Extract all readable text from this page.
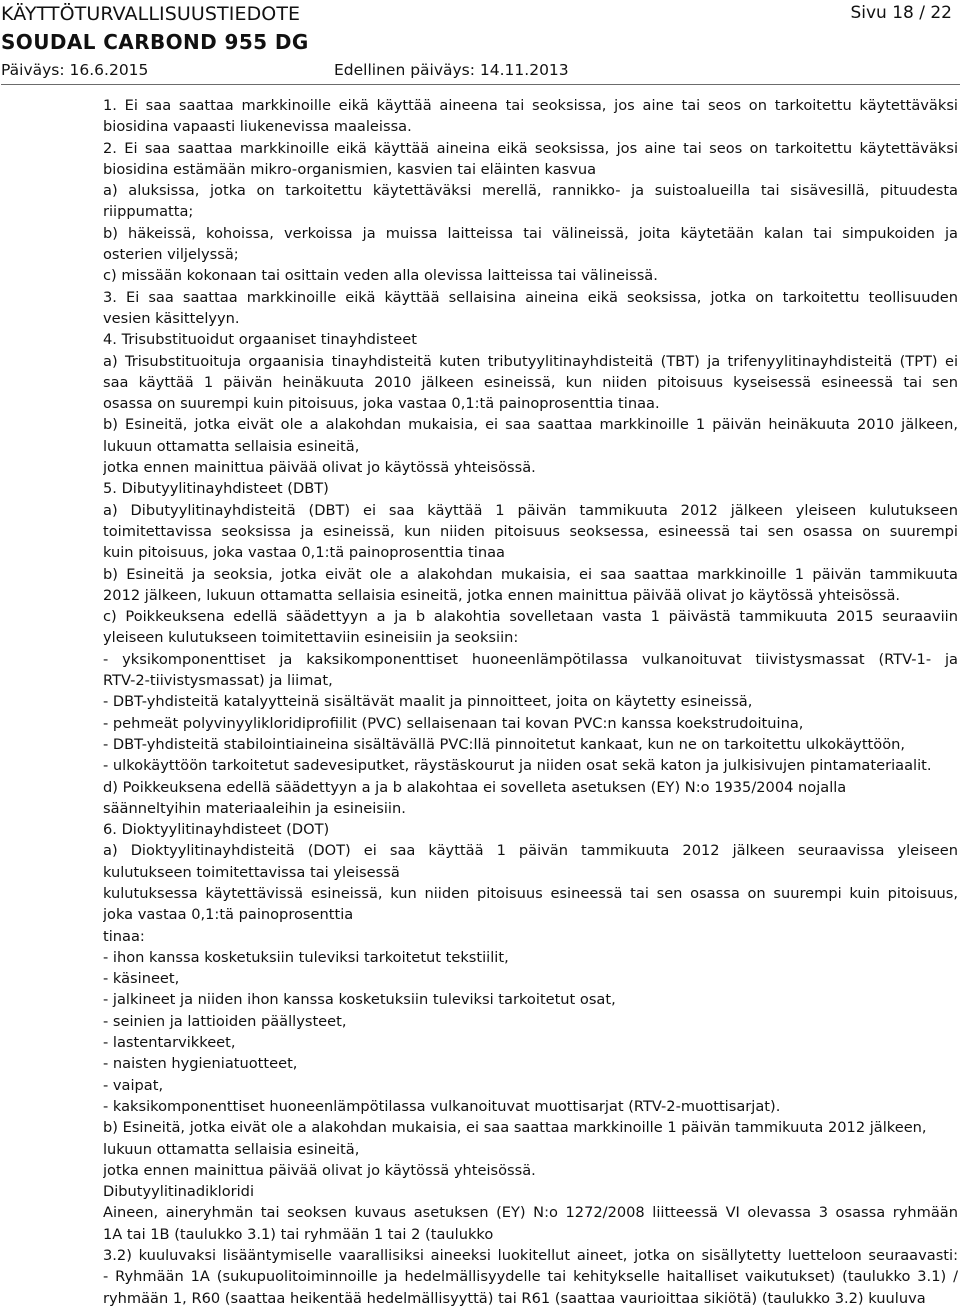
KÄYTTÖTURVALLISUUSTIEDOTE	Sivu 18 / 22
SOUDAL CARBOND 955 DG
Päiväys: 16.6.2015	Edellinen päiväys: 14.11.2013
1. Ei saa saattaa markkinoille eikä käyttää aineena tai seoksissa, jos aine tai seos on tarkoitettu käytettäväksi
biosidina vapaasti liukenevissa maaleissa.
2. Ei saa saattaa markkinoille eikä käyttää aineina eikä seoksissa, jos aine tai seos on tarkoitettu käytettäväksi
biosidina estämään mikro-organismien, kasvien tai eläinten kasvua
a) aluksissa, jotka on tarkoitettu käytettäväksi merellä, rannikko- ja suistoalueilla tai sisävesillä, pituudesta
riippumatta;
b) häkeissä, kohoissa, verkoissa ja muissa laitteissa tai välineissä, joita käytetään kalan tai simpukoiden ja
osterien viljelyssä;
c) missään kokonaan tai osittain veden alla olevissa laitteissa tai välineissä.
3. Ei saa saattaa markkinoille eikä käyttää sellaisina aineina eikä seoksissa, jotka on tarkoitettu teollisuuden
vesien käsittelyyn.
4. Trisubstituoidut orgaaniset tinayhdisteet
a) Trisubstituoituja orgaanisia tinayhdisteitä kuten tributyylitinayhdisteitä (TBT) ja trifenyylitinayhdisteitä (TPT) ei
saa käyttää 1 päivän heinäkuuta 2010 jälkeen esineissä, kun niiden pitoisuus kyseisessä esineessä tai sen
osassa on suurempi kuin pitoisuus, joka vastaa 0,1:tä painoprosenttia tinaa.
b) Esineitä, jotka eivät ole a alakohdan mukaisia, ei saa saattaa markkinoille 1 päivän heinäkuuta 2010 jälkeen,
lukuun ottamatta sellaisia esineitä,
jotka ennen mainittua päivää olivat jo käytössä yhteisössä.
5. Dibutyylitinayhdisteet (DBT)
a) Dibutyylitinayhdisteitä (DBT) ei saa käyttää 1 päivän tammikuuta 2012 jälkeen yleiseen kulutukseen
toimitettavissa seoksissa ja esineissä, kun niiden pitoisuus seoksessa, esineessä tai sen osassa on suurempi
kuin pitoisuus, joka vastaa 0,1:tä painoprosenttia tinaa
b) Esineitä ja seoksia, jotka eivät ole a alakohdan mukaisia, ei saa saattaa markkinoille 1 päivän tammikuuta
2012 jälkeen, lukuun ottamatta sellaisia esineitä, jotka ennen mainittua päivää olivat jo käytössä yhteisössä.
c) Poikkeuksena edellä säädettyyn a ja b alakohtia sovelletaan vasta 1 päivästä tammikuuta 2015 seuraaviin
yleiseen kulutukseen toimitettaviin esineisiin ja seoksiin:
- yksikomponenttiset ja kaksikomponenttiset huoneenlämpötilassa vulkanoituvat tiivistysmassat (RTV-1- ja
RTV-2-tiivistysmassat) ja liimat,
- DBT-yhdisteitä katalyytteinä sisältävät maalit ja pinnoitteet, joita on käytetty esineissä,
- pehmeät polyvinyylikloridiprofiilit (PVC) sellaisenaan tai kovan PVC:n kanssa koekstrudoituina,
- DBT-yhdisteitä stabilointiaineina sisältävällä PVC:llä pinnoitetut kankaat, kun ne on tarkoitettu ulkokäyttöön,
- ulkokäyttöön tarkoitetut sadevesiputket, räystäskourut ja niiden osat sekä katon ja julkisivujen pintamateriaalit.
d) Poikkeuksena edellä säädettyyn a ja b alakohtaa ei sovelleta asetuksen (EY) N:o 1935/2004 nojalla
säänneltyihin materiaaleihin ja esineisiin.
6. Dioktyylitinayhdisteet (DOT)
a) Dioktyylitinayhdisteitä (DOT) ei saa käyttää 1 päivän tammikuuta 2012 jälkeen seuraavissa yleiseen
kulutukseen toimitettavissa tai yleisessä
kulutuksessa käytettävissä esineissä, kun niiden pitoisuus esineessä tai sen osassa on suurempi kuin pitoisuus,
joka vastaa 0,1:tä painoprosenttia
tinaa:
- ihon kanssa kosketuksiin tuleviksi tarkoitetut tekstiilit,
- käsineet,
- jalkineet ja niiden ihon kanssa kosketuksiin tuleviksi tarkoitetut osat,
- seinien ja lattioiden päällysteet,
- lastentarvikkeet,
- naisten hygieniatuotteet,
- vaipat,
- kaksikomponenttiset huoneenlämpötilassa vulkanoituvat muottisarjat (RTV-2-muottisarjat).
b) Esineitä, jotka eivät ole a alakohdan mukaisia, ei saa saattaa markkinoille 1 päivän tammikuuta 2012 jälkeen,
lukuun ottamatta sellaisia esineitä,
jotka ennen mainittua päivää olivat jo käytössä yhteisössä.
Dibutyylitinadikloridi
Aineen, aineryhmän tai seoksen kuvaus asetuksen (EY) N:o 1272/2008 liitteessä VI olevassa 3 osassa ryhmään
1A tai 1B (taulukko 3.1) tai ryhmään 1 tai 2 (taulukko
3.2) kuuluvaksi lisääntymiselle vaarallisiksi aineeksi luokitellut aineet, jotka on sisällytetty luetteloon seuraavasti:
- Ryhmään 1A (sukupuolitoiminnoille ja hedelmällisyydelle tai kehitykselle haitalliset vaikutukset) (taulukko 3.1) /
ryhmään 1, R60 (saattaa heikentää hedelmällisyyttä) tai R61 (saattaa vaurioittaa sikiötä) (taulukko 3.2) kuuluva
